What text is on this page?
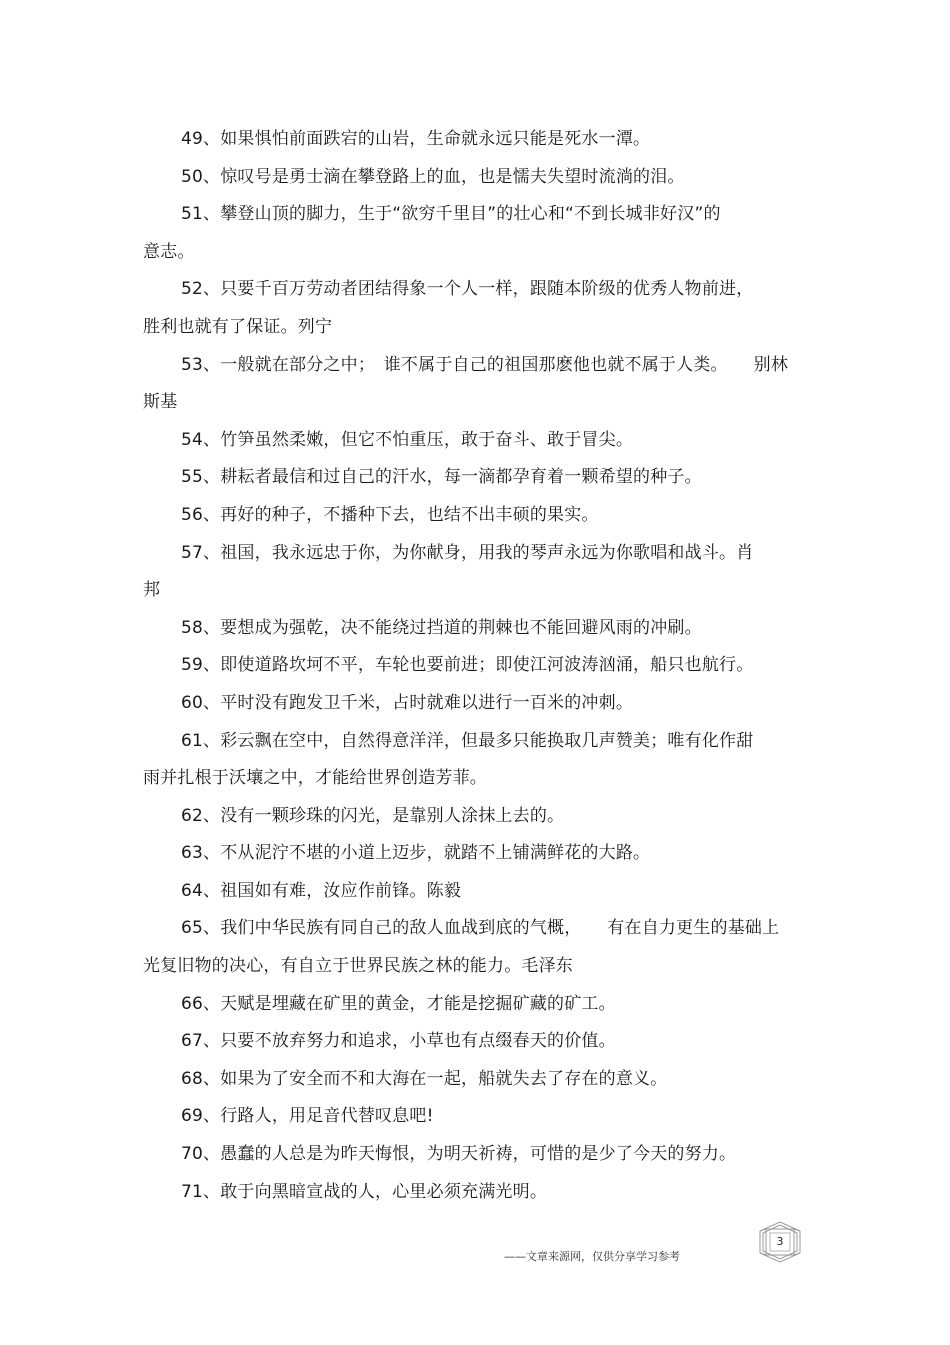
49、如果惧怕前面跌宕的山岩，生命就永远只能是死水一潭。
50、惊叹号是勇士滴在攀登路上的血，也是懦夫失望时流淌的泪。
51、攀登山顶的脚力，生于“欲穷千里目”的壮心和“不到长城非好汉”的
意志。
52、只要千百万劳动者团结得象一个人一样，跟随本阶级的优秀人物前进，
胜利也就有了保证。列宁
53、一般就在部分之中；　谁不属于自己的祖国那麽他也就不属于人类。　　别林
斯基
54、竹笋虽然柔嫩，但它不怕重压，敢于奋斗、敢于冒尖。
55、耕耘者最信和过自己的汗水，每一滴都孕育着一颗希望的种子。
56、再好的种子，不播种下去，也结不出丰硕的果实。
57、祖国，我永远忠于你，为你献身，用我的琴声永远为你歌唱和战斗。肖
邦
58、要想成为强乾，决不能绕过挡道的荆棘也不能回避风雨的冲刷。
59、即使道路坎坷不平，车轮也要前进；即使江河波涛汹涌，船只也航行。
60、平时没有跑发卫千米，占时就难以进行一百米的冲刺。
61、彩云飘在空中，自然得意洋洋，但最多只能换取几声赞美；唯有化作甜
雨并扎根于沃壤之中，才能给世界创造芳菲。
62、没有一颗珍珠的闪光，是靠别人涂抹上去的。
63、不从泥泞不堪的小道上迈步，就踏不上铺满鲜花的大路。
64、祖国如有难，汝应作前锋。陈毅
65、我们中华民族有同自己的敌人血战到底的气概，　　有在自力更生的基础上
光复旧物的决心，有自立于世界民族之林的能力。毛泽东
66、天赋是埋藏在矿里的黄金，才能是挖掘矿藏的矿工。
67、只要不放弃努力和追求，小草也有点缀春天的价值。
68、如果为了安全而不和大海在一起，船就失去了存在的意义。
69、行路人，用足音代替叹息吧!
70、愚蠢的人总是为昨天悔恨，为明天祈祷，可惜的是少了今天的努力。
71、敢于向黑暗宣战的人，心里必须充满光明。
——文章来源网，仅供分享学习参考
3
